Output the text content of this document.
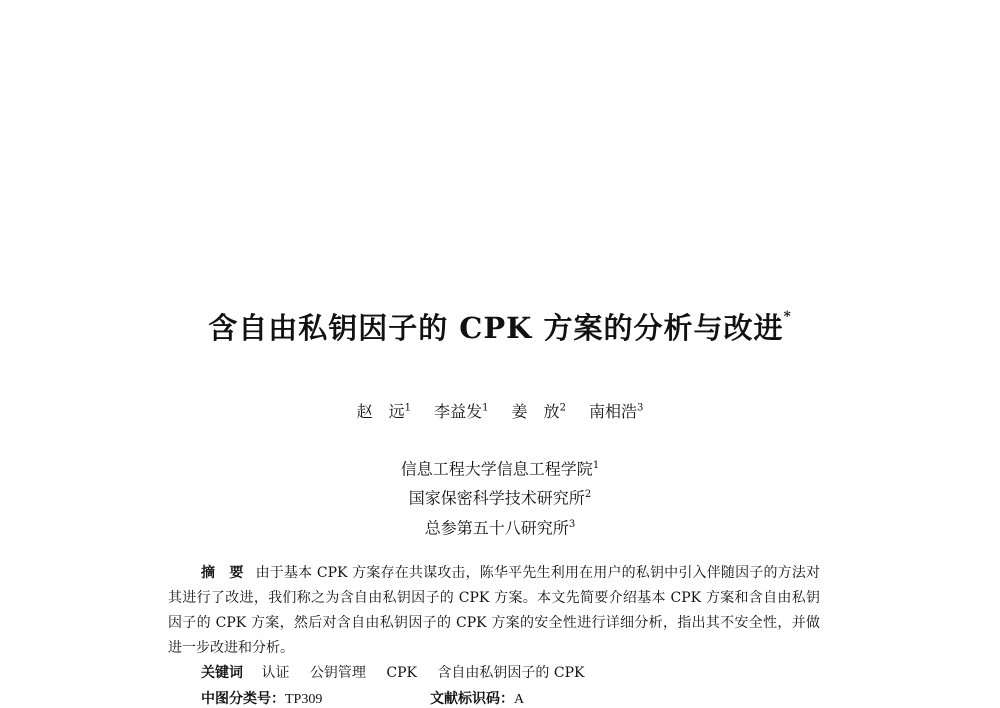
含自由私钥因子的 CPK 方案的分析与改进*
赵　远$^1$ 李益发$^1$ 姜　放$^2$ 南相浩$^3$
信息工程大学信息工程学院$^1$
国家保密科学技术研究所$^2$
总参第五十八研究所$^3$
摘　要 由于基本 CPK 方案存在共谋攻击，陈华平先生利用在用户的私钥中引入伴随因子的方法对其进行了改进，我们称之为含自由私钥因子的 CPK 方案。本文先简要介绍基本 CPK 方案和含自由私钥因子的 CPK 方案，然后对含自由私钥因子的 CPK 方案的安全性进行详细分析，指出其不安全性，并做进一步改进和分析。
关键词 认证 公钥管理 CPK 含自由私钥因子的 CPK
中图分类号：TP309	文献标识码：A
